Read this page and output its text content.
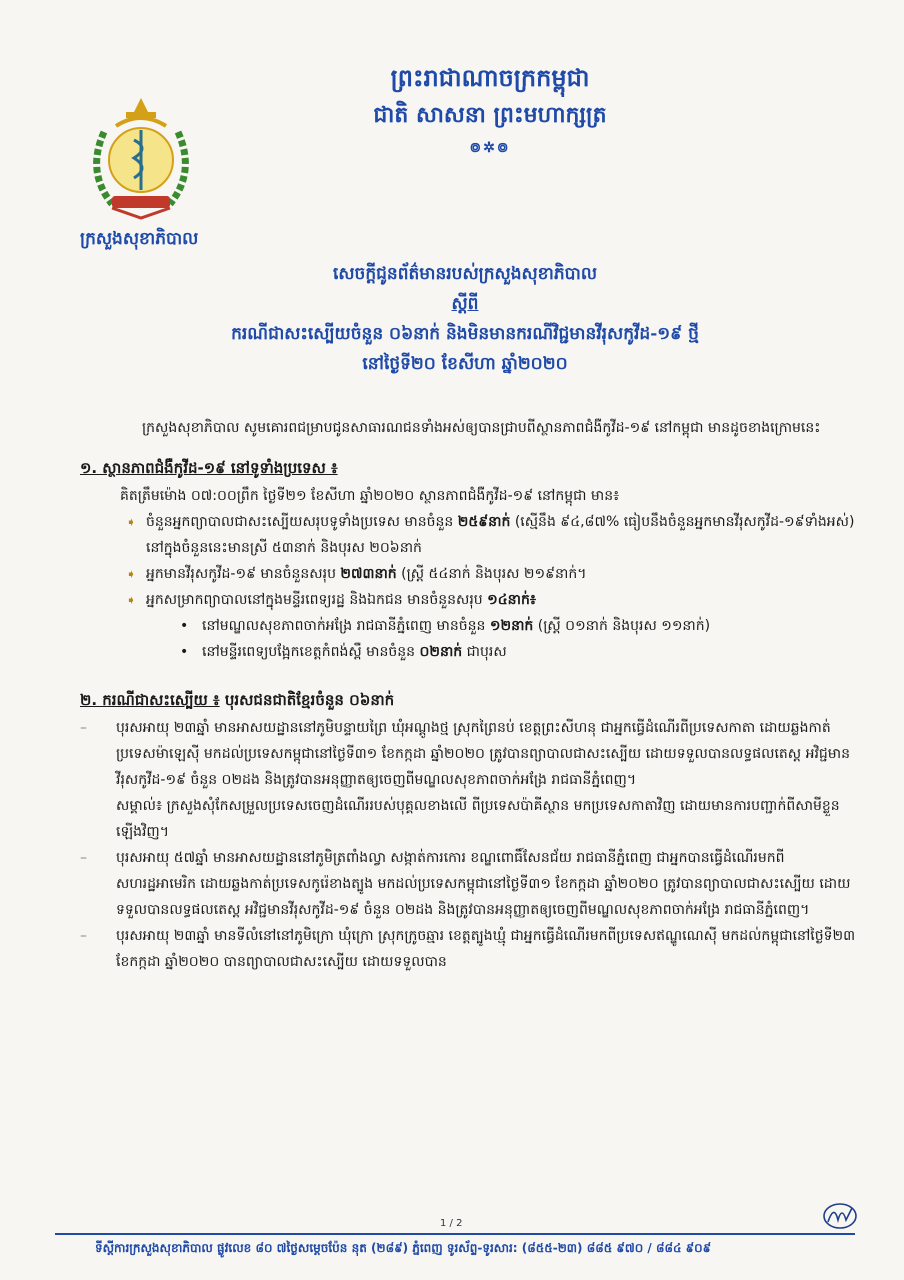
ព្រះរាជាណាចក្រកម្ពុជា
ជាតិ សាសនា ព្រះមហាក្សត្រ
៙✲៙
ក្រសួងសុខាភិបាល
សេចក្តីជូនព័ត៌មានរបស់ក្រសួងសុខាភិបាល
ស្តីពី
ករណីជាសះស្បើយចំនួន ០៦នាក់ និងមិនមានករណីវិជ្ជមានវីរុសកូវីដ-១៩ ថ្មី
នៅថ្ងៃទី២០ ខែសីហា ឆ្នាំ២០២០

ក្រសួងសុខាភិបាល សូមគោរពជម្រាបជូនសាធារណជនទាំងអស់ឲ្យបានជ្រាបពីស្ថានភាពជំងឺកូវីដ-១៩ នៅកម្ពុជា មានដូចខាងក្រោមនេះ

១. ស្ថានភាពជំងឺកូវីដ-១៩ នៅទូទាំងប្រទេស ៖

គិតត្រឹមម៉ោង ០៧:០០ព្រឹក ថ្ងៃទី២១ ខែសីហា ឆ្នាំ២០២០ ស្ថានភាពជំងឺកូវីដ-១៩ នៅកម្ពុជា មាន៖

➧ ចំនួនអ្នកព្យាបាលជាសះស្បើយសរុបទូទាំងប្រទេស មានចំនួន ២៥៩នាក់ (ស្មើនឹង ៩៤,៨៧% ធៀបនឹងចំនួនអ្នកមានវីរុសកូវីដ-១៩ទាំងអស់) នៅក្នុងចំនួននេះមានស្រី ៥៣នាក់ និងបុរស ២០៦នាក់

➧ អ្នកមានវីរុសកូវីដ-១៩ មានចំនួនសរុប ២៧៣នាក់ (ស្ត្រី ៥៤នាក់ និងបុរស ២១៩នាក់។

➧ អ្នកសម្រាកព្យាបាលនៅក្នុងមន្ទីរពេទ្យរដ្ឋ និងឯកជន មានចំនួនសរុប ១៤នាក់៖

• នៅមណ្ឌលសុខភាពចាក់អង្រែ រាជធានីភ្នំពេញ មានចំនួន ១២នាក់ (ស្ត្រី ០១នាក់ និងបុរស ១១នាក់)

• នៅមន្ទីរពេទ្យបង្អែកខេត្តកំពង់ស្ពឺ មានចំនួន ០២នាក់ ជាបុរស

២. ករណីជាសះស្បើយ ៖ បុរសជនជាតិខ្មែរចំនួន ០៦នាក់

– បុរសអាយុ ២៣ឆ្នាំ មានអាសយដ្ឋាននៅភូមិបន្ទាយព្រៃ ឃុំអណ្តូងថ្ម ស្រុកព្រៃនប់ ខេត្តព្រះសីហនុ ជាអ្នកធ្វើដំណើរពីប្រទេសកាតា ដោយឆ្លងកាត់ប្រទេសម៉ាឡេស៊ី មកដល់ប្រទេសកម្ពុជានៅថ្ងៃទី៣១ ខែកក្កដា ឆ្នាំ២០២០ ត្រូវបានព្យាបាលជាសះស្បើយ ដោយទទួលបានលទ្ធផលតេស្ត អវិជ្ជមានវីរុសកូវីដ-១៩ ចំនួន ០២ដង និងត្រូវបានអនុញ្ញាតឲ្យចេញពីមណ្ឌលសុខភាពចាក់អង្រែ រាជធានីភ្នំពេញ។

សម្គាល់៖ ក្រសួងសុំកែសម្រួលប្រទេសចេញដំណើររបស់បុគ្គលខាងលើ ពីប្រទេសប៉ាគីស្ថាន មកប្រទេសកាតាវិញ ដោយមានការបញ្ជាក់ពីសាមីខ្លួនឡើងវិញ។

– បុរសអាយុ ៥៧ឆ្នាំ មានអាសយដ្ឋាននៅភូមិត្រពាំងល្វា សង្កាត់ការកោរ ខណ្ឌពោធិ៍សែនជ័យ រាជធានីភ្នំពេញ ជាអ្នកបានធ្វើដំណើរមកពីសហរដ្ឋអាមេរិក ដោយឆ្លងកាត់ប្រទេសកូរ៉េខាងត្បូង មកដល់ប្រទេសកម្ពុជានៅថ្ងៃទី៣១ ខែកក្កដា ឆ្នាំ២០២០ ត្រូវបានព្យាបាលជាសះស្បើយ ដោយទទួលបានលទ្ធផលតេស្ត អវិជ្ជមានវីរុសកូវីដ-១៩ ចំនួន ០២ដង និងត្រូវបានអនុញ្ញាតឲ្យចេញពីមណ្ឌលសុខភាពចាក់អង្រែ រាជធានីភ្នំពេញ។

– បុរសអាយុ ២៣ឆ្នាំ មានទីលំនៅនៅភូមិក្រោ ឃុំក្រោ ស្រុកក្រូចឆ្មារ ខេត្តត្បូងឃ្មុំ ជាអ្នកធ្វើដំណើរមកពីប្រទេសឥណ្ឌូណេស៊ី មកដល់កម្ពុជានៅថ្ងៃទី២៣ ខែកក្កដា ឆ្នាំ២០២០ បានព្យាបាលជាសះស្បើយ ដោយទទួលបាន

1 / 2
ទីស្តីការក្រសួងសុខាភិបាល ផ្លូវលេខ ៨០ ៧ថ្ងៃសម្តេចប៉ែន នុត (២៨៩) ភ្នំពេញ ទូរស័ព្ទ-ទូរសារ: (៨៥៥-២៣) ៨៨៥ ៩៧០ / ៨៨៤ ៩០៩
